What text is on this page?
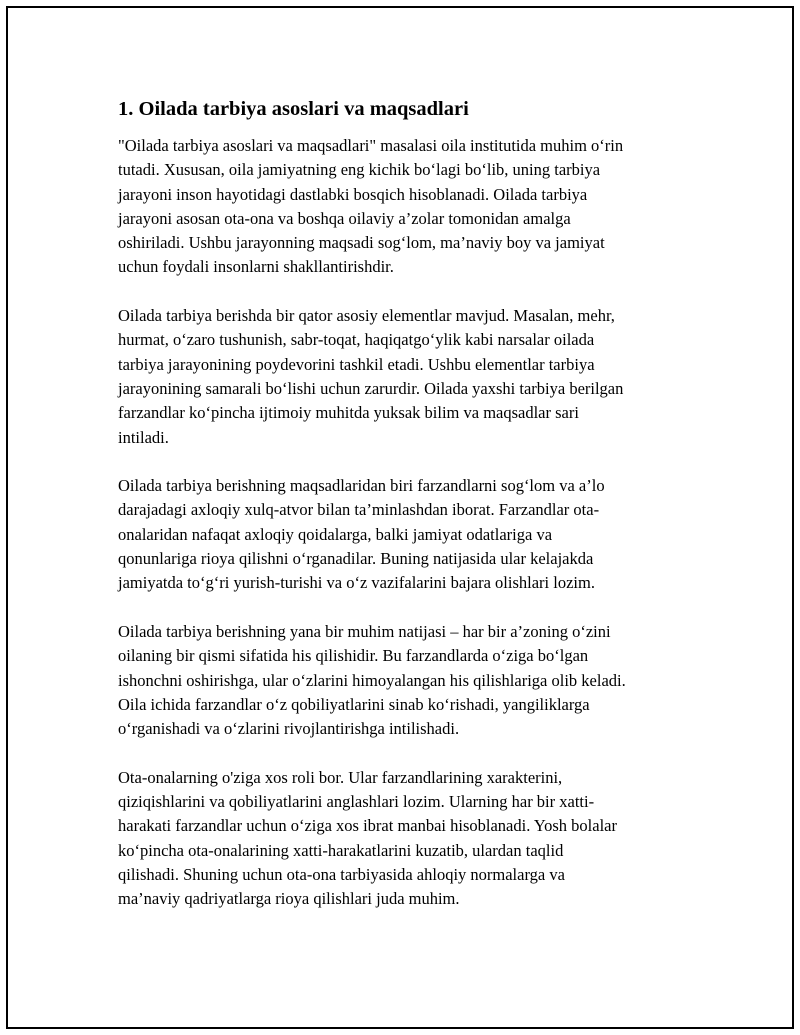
1. Oilada tarbiya asoslari va maqsadlari

"Oilada tarbiya asoslari va maqsadlari" masalasi oila institutida muhim o‘rin
tutadi. Xususan, oila jamiyatning eng kichik bo‘lagi bo‘lib, uning tarbiya
jarayoni inson hayotidagi dastlabki bosqich hisoblanadi. Oilada tarbiya
jarayoni asosan ota-ona va boshqa oilaviy a’zolar tomonidan amalga
oshiriladi. Ushbu jarayonning maqsadi sog‘lom, ma’naviy boy va jamiyat
uchun foydali insonlarni shakllantirishdir.

Oilada tarbiya berishda bir qator asosiy elementlar mavjud. Masalan, mehr,
hurmat, o‘zaro tushunish, sabr-toqat, haqiqatgo‘ylik kabi narsalar oilada
tarbiya jarayonining poydevorini tashkil etadi. Ushbu elementlar tarbiya
jarayonining samarali bo‘lishi uchun zarurdir. Oilada yaxshi tarbiya berilgan
farzandlar ko‘pincha ijtimoiy muhitda yuksak bilim va maqsadlar sari
intiladi.

Oilada tarbiya berishning maqsadlaridan biri farzandlarni sog‘lom va a’lo
darajadagi axloqiy xulq-atvor bilan ta’minlashdan iborat. Farzandlar ota-
onalaridan nafaqat axloqiy qoidalarga, balki jamiyat odatlariga va
qonunlariga rioya qilishni o‘rganadilar. Buning natijasida ular kelajakda
jamiyatda to‘g‘ri yurish-turishi va o‘z vazifalarini bajara olishlari lozim.

Oilada tarbiya berishning yana bir muhim natijasi – har bir a’zoning o‘zini
oilaning bir qismi sifatida his qilishidir. Bu farzandlarda o‘ziga bo‘lgan
ishonchni oshirishga, ular o‘zlarini himoyalangan his qilishlariga olib keladi.
Oila ichida farzandlar o‘z qobiliyatlarini sinab ko‘rishadi, yangiliklarga
o‘rganishadi va o‘zlarini rivojlantirishga intilishadi.

Ota-onalarning o'ziga xos roli bor. Ular farzandlarining xarakterini,
qiziqishlarini va qobiliyatlarini anglashlari lozim. Ularning har bir xatti-
harakati farzandlar uchun o‘ziga xos ibrat manbai hisoblanadi. Yosh bolalar
ko‘pincha ota-onalarining xatti-harakatlarini kuzatib, ulardan taqlid
qilishadi. Shuning uchun ota-ona tarbiyasida ahloqiy normalarga va
ma’naviy qadriyatlarga rioya qilishlari juda muhim.
